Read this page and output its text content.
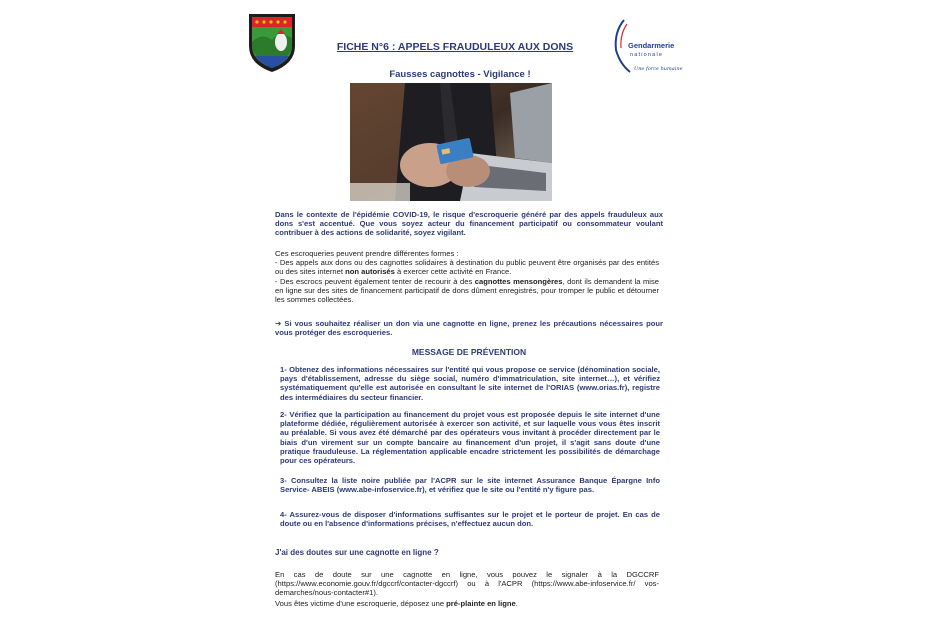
FICHE N°6 : APPELS FRAUDULEUX AUX DONS	Gendarmerie
nationale
Une force humaine
Fausses cagnottes - Vigilance !
Dans le contexte de l'épidémie COVID-19, le risque d'escroquerie généré par des appels frauduleux aux dons s'est accentué. Que vous soyez acteur du financement participatif ou consommateur voulant contribuer à des actions de solidarité, soyez vigilant.

Ces escroqueries peuvent prendre différentes formes :

- Des appels aux dons ou des cagnottes solidaires à destination du public peuvent être organisés par des entités ou des sites internet non autorisés à exercer cette activité en France.

- Des escrocs peuvent également tenter de recourir à des cagnottes mensongères, dont ils demandent la mise en ligne sur des sites de financement participatif de dons dûment enregistrés, pour tromper le public et détourner les sommes collectées.

➔ Si vous souhaitez réaliser un don via une cagnotte en ligne, prenez les précautions nécessaires pour vous protéger des escroqueries.
MESSAGE DE PRÉVENTION
1- Obtenez des informations nécessaires sur l'entité qui vous propose ce service (dénomination sociale, pays d'établissement, adresse du siège social, numéro d'immatriculation, site internet…), et vérifiez systématiquement qu'elle est autorisée en consultant le site internet de l'ORIAS (www.orias.fr), registre des intermédiaires du secteur financier.
2- Vérifiez que la participation au financement du projet vous est proposée depuis le site internet d'une plateforme dédiée, régulièrement autorisée à exercer son activité, et sur laquelle vous vous êtes inscrit au préalable. Si vous avez été démarché par des opérateurs vous invitant à procéder directement par le biais d'un virement sur un compte bancaire au financement d'un projet, il s'agit sans doute d'une pratique frauduleuse. La réglementation applicable encadre strictement les possibilités de démarchage pour ces opérateurs.
3- Consultez la liste noire publiée par l'ACPR sur le site internet Assurance Banque Épargne Info Service- ABEIS (www.abe-infoservice.fr), et vérifiez que le site ou l'entité n'y figure pas.
4- Assurez-vous de disposer d'informations suffisantes sur le projet et le porteur de projet. En cas de doute ou en l'absence d'informations précises, n'effectuez aucun don.
J'ai des doutes sur une cagnotte en ligne ?
En cas de doute sur une cagnotte en ligne, vous pouvez le signaler à la DGCCRF (https://www.economie.gouv.fr/dgccrf/contacter-dgccrf) ou à l'ACPR (https://www.abe-infoservice.fr/ vos-demarches/nous-contacter#1).
Vous êtes victime d'une escroquerie, déposez une pré-plainte en ligne.
